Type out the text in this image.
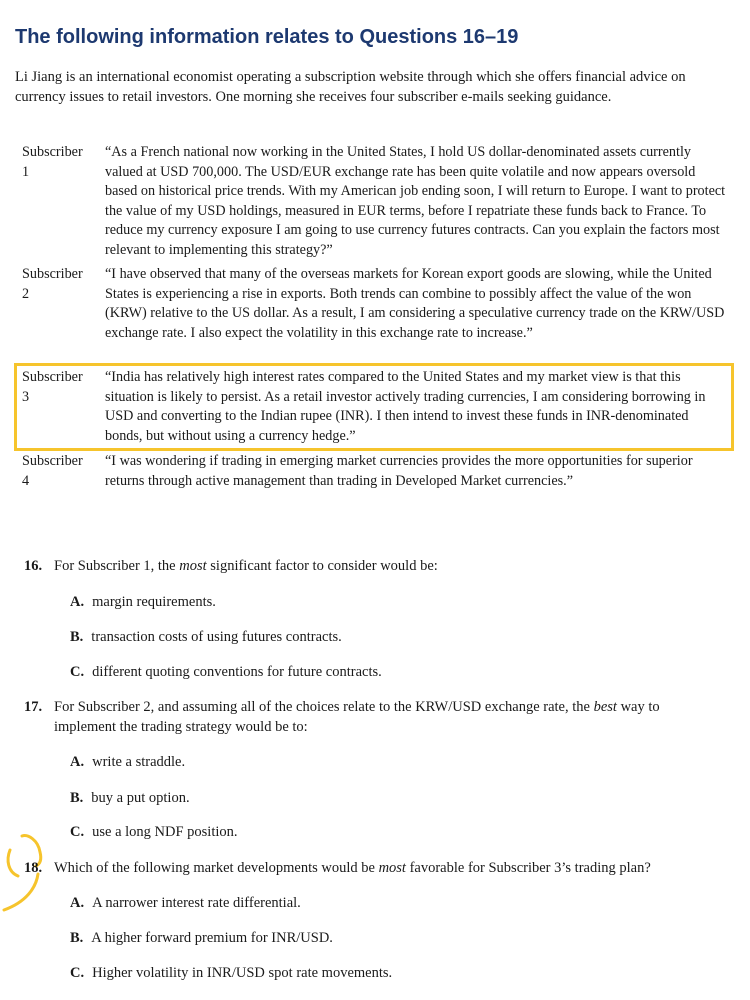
The following information relates to Questions 16–19

Li Jiang is an international economist operating a subscription website through which she offers financial advice on currency issues to retail investors. One morning she receives four subscriber e-mails seeking guidance.

Subscriber
1
“As a French national now working in the United States, I hold US dollar-denominated assets currently valued at USD 700,000. The USD/EUR exchange rate has been quite volatile and now appears oversold based on historical price trends. With my American job ending soon, I will return to Europe. I want to protect the value of my USD holdings, measured in EUR terms, before I repatriate these funds back to France. To reduce my currency exposure I am going to use currency futures contracts. Can you explain the factors most relevant to implementing this strategy?”
Subscriber
2
“I have observed that many of the overseas markets for Korean export goods are slowing, while the United States is experiencing a rise in exports. Both trends can combine to possibly affect the value of the won (KRW) relative to the US dollar. As a result, I am considering a speculative currency trade on the KRW/USD exchange rate. I also expect the volatility in this exchange rate to increase.”
Subscriber
3
“India has relatively high interest rates compared to the United States and my market view is that this situation is likely to persist. As a retail investor actively trading currencies, I am considering borrowing in USD and converting to the Indian rupee (INR). I then intend to invest these funds in INR-denominated bonds, but without using a currency hedge.”
Subscriber
4
“I was wondering if trading in emerging market currencies provides the more opportunities for superior returns through active management than trading in Developed Market currencies.”
16. For Subscriber 1, the most significant factor to consider would be:
A. margin requirements.
B. transaction costs of using futures contracts.
C. different quoting conventions for future contracts.
17. For Subscriber 2, and assuming all of the choices relate to the KRW/USD exchange rate, the best way to
implement the trading strategy would be to:
A. write a straddle.
B. buy a put option.
C. use a long NDF position.
18. Which of the following market developments would be most favorable for Subscriber 3’s trading plan?
A. A narrower interest rate differential.
B. A higher forward premium for INR/USD.
C. Higher volatility in INR/USD spot rate movements.
